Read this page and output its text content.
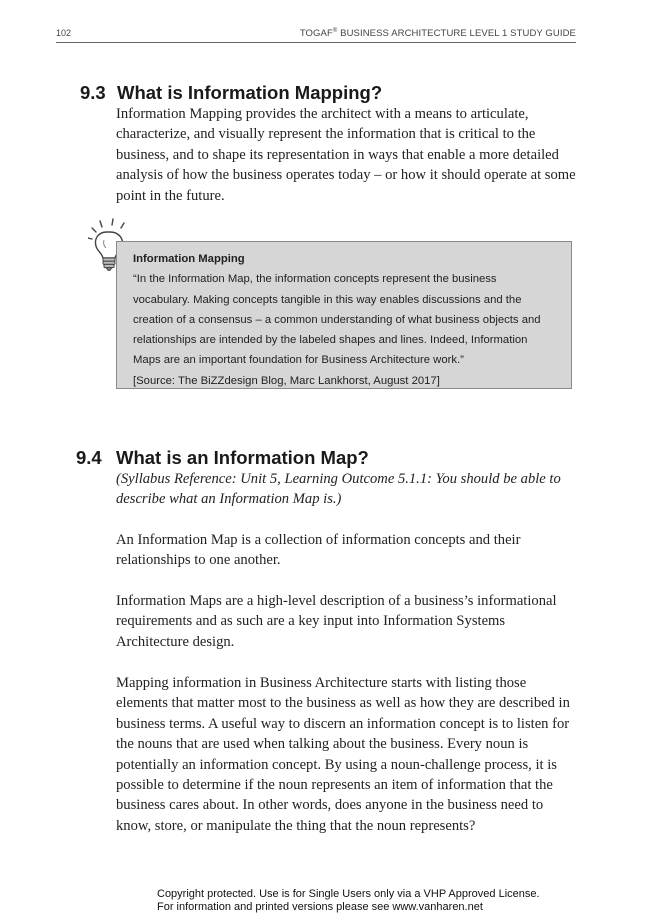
102	TOGAF® BUSINESS ARCHITECTURE LEVEL 1 STUDY GUIDE
9.3 What is Information Mapping?

Information Mapping provides the architect with a means to articulate, characterize, and visually represent the information that is critical to the business, and to shape its representation in ways that enable a more detailed analysis of how the business operates today – or how it should operate at some point in the future.

Information Mapping
“In the Information Map, the information concepts represent the business vocabulary. Making concepts tangible in this way enables discussions and the creation of a consensus – a common understanding of what business objects and relationships are intended by the labeled shapes and lines. Indeed, Information Maps are an important foundation for Business Architecture work.”
[Source: The BiZZdesign Blog, Marc Lankhorst, August 2017]
9.4 What is an Information Map?

(Syllabus Reference: Unit 5, Learning Outcome 5.1.1: You should be able to describe what an Information Map is.)

An Information Map is a collection of information concepts and their relationships to one another.

Information Maps are a high-level description of a business’s informational requirements and as such are a key input into Information Systems Architecture design.

Mapping information in Business Architecture starts with listing those elements that matter most to the business as well as how they are described in business terms. A useful way to discern an information concept is to listen for the nouns that are used when talking about the business. Every noun is potentially an information concept. By using a noun-challenge process, it is possible to determine if the noun represents an item of information that the business cares about. In other words, does anyone in the business need to know, store, or manipulate the thing that the noun represents?

Copyright protected. Use is for Single Users only via a VHP Approved License.
For information and printed versions please see www.vanharen.net
